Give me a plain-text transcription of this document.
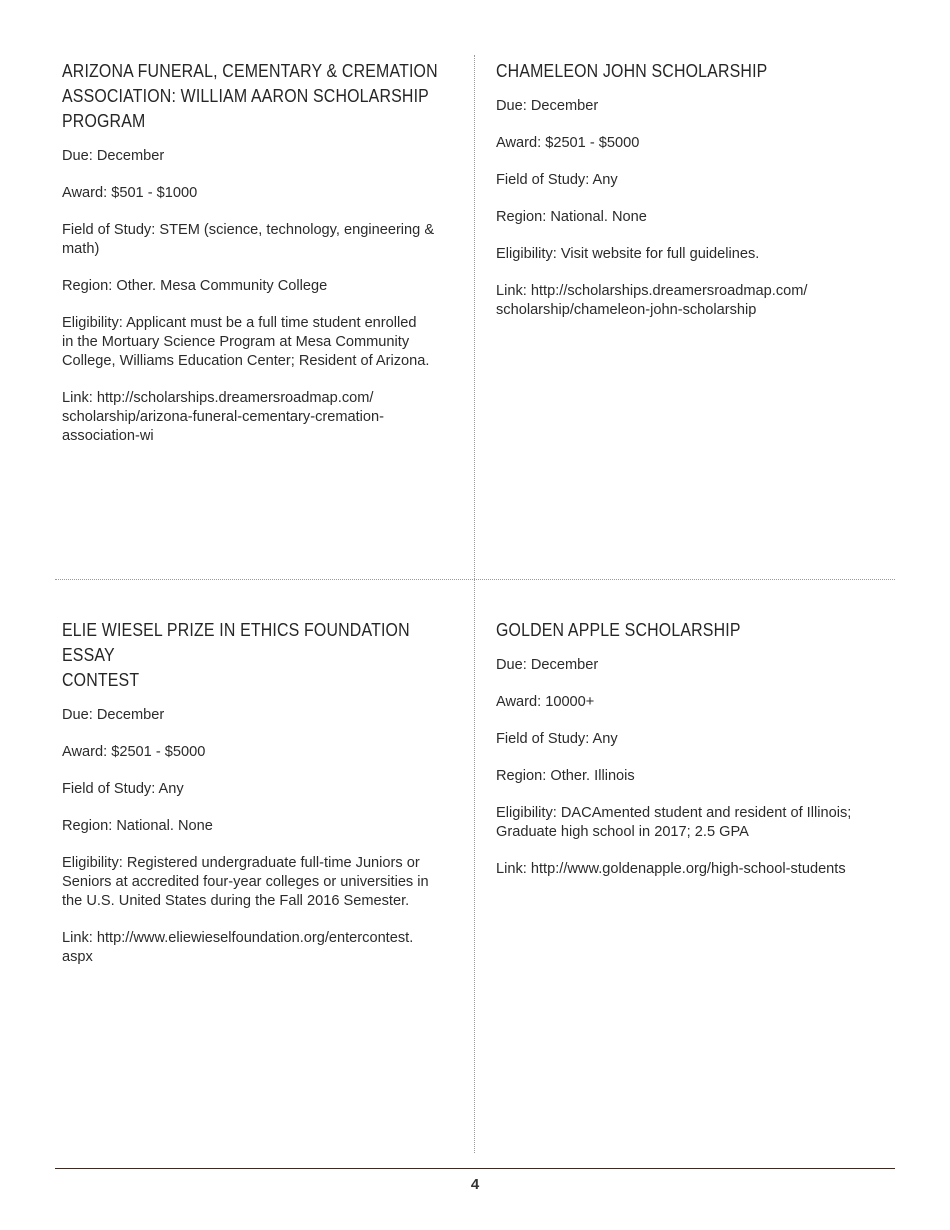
ARIZONA FUNERAL, CEMENTARY & CREMATION
ASSOCIATION: WILLIAM AARON SCHOLARSHIP PROGRAM

Due: December

Award: $501 - $1000

Field of Study: STEM (science, technology, engineering &
math)

Region: Other. Mesa Community College

Eligibility: Applicant must be a full time student enrolled
in the Mortuary Science Program at Mesa Community
College, Williams Education Center; Resident of Arizona.

Link: http://scholarships.dreamersroadmap.com/
scholarship/arizona-funeral-cementary-cremation-
association-wi

CHAMELEON JOHN SCHOLARSHIP

Due: December

Award: $2501 - $5000

Field of Study: Any

Region: National. None

Eligibility: Visit website for full guidelines.

Link: http://scholarships.dreamersroadmap.com/
scholarship/chameleon-john-scholarship

ELIE WIESEL PRIZE IN ETHICS FOUNDATION ESSAY
CONTEST

Due: December

Award: $2501 - $5000

Field of Study: Any

Region: National. None

Eligibility: Registered undergraduate full-time Juniors or
Seniors at accredited four-year colleges or universities in
the U.S. United States during the Fall 2016 Semester.

Link: http://www.eliewieselfoundation.org/entercontest.
aspx

GOLDEN APPLE SCHOLARSHIP

Due: December

Award: 10000+

Field of Study: Any

Region: Other. Illinois

Eligibility: DACAmented student and resident of Illinois;
Graduate high school in 2017; 2.5 GPA

Link: http://www.goldenapple.org/high-school-students

4
